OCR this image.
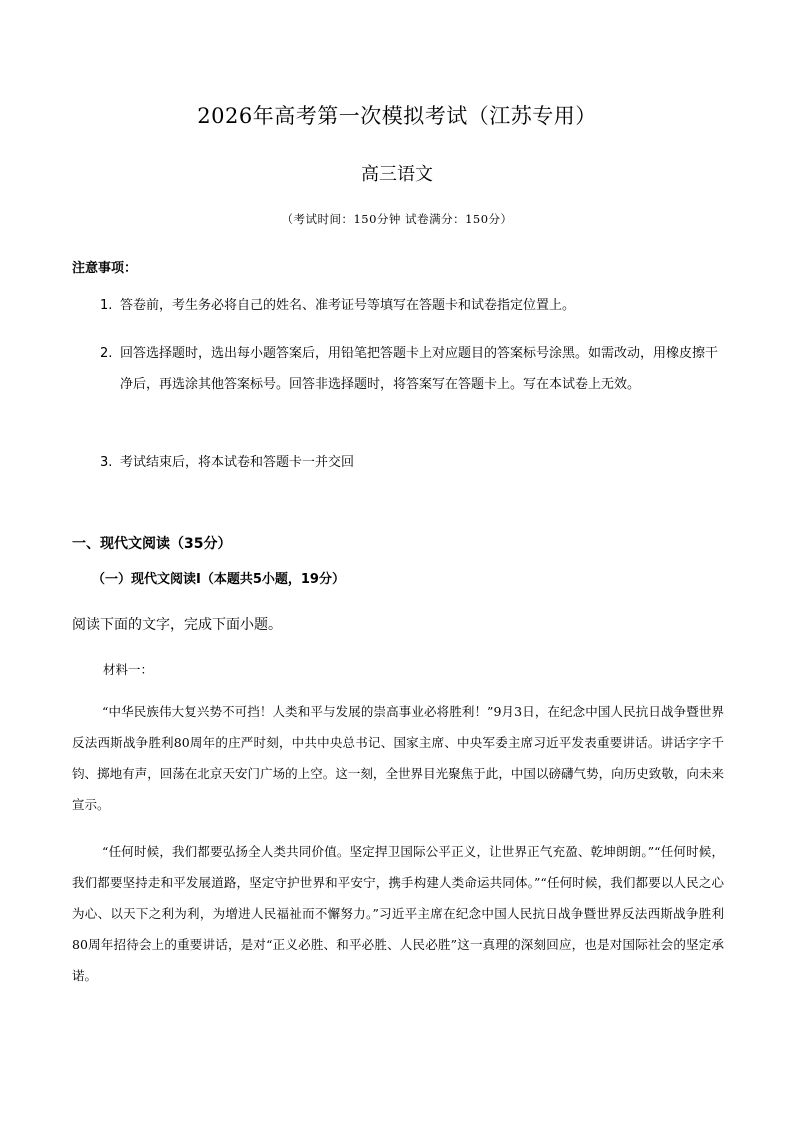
2026年高考第一次模拟考试（江苏专用）
高三语文
（考试时间：150分钟 试卷满分：150分）
注意事项：
1. 答卷前，考生务必将自己的姓名、准考证号等填写在答题卡和试卷指定位置上。
2. 回答选择题时，选出每小题答案后，用铅笔把答题卡上对应题目的答案标号涂黑。如需改动，用橡皮擦干净后，再选涂其他答案标号。回答非选择题时，将答案写在答题卡上。写在本试卷上无效。
3. 考试结束后，将本试卷和答题卡一并交回
一、现代文阅读（35分）
（一）现代文阅读Ⅰ（本题共5小题，19分）
阅读下面的文字，完成下面小题。
材料一：
“中华民族伟大复兴势不可挡！人类和平与发展的崇高事业必将胜利！”9月3日，在纪念中国人民抗日战争暨世界反法西斯战争胜利80周年的庄严时刻，中共中央总书记、国家主席、中央军委主席习近平发表重要讲话。讲话字字千钧、掷地有声，回荡在北京天安门广场的上空。这一刻，全世界目光聚焦于此，中国以磅礴气势，向历史致敬，向未来宣示。
“任何时候，我们都要弘扬全人类共同价值。坚定捍卫国际公平正义，让世界正气充盈、乾坤朗朗。”“任何时候，我们都要坚持走和平发展道路，坚定守护世界和平安宁，携手构建人类命运共同体。”“任何时候，我们都要以人民之心为心、以天下之利为利，为增进人民福祉而不懈努力。”习近平主席在纪念中国人民抗日战争暨世界反法西斯战争胜利80周年招待会上的重要讲话，是对“正义必胜、和平必胜、人民必胜”这一真理的深刻回应，也是对国际社会的坚定承诺。
